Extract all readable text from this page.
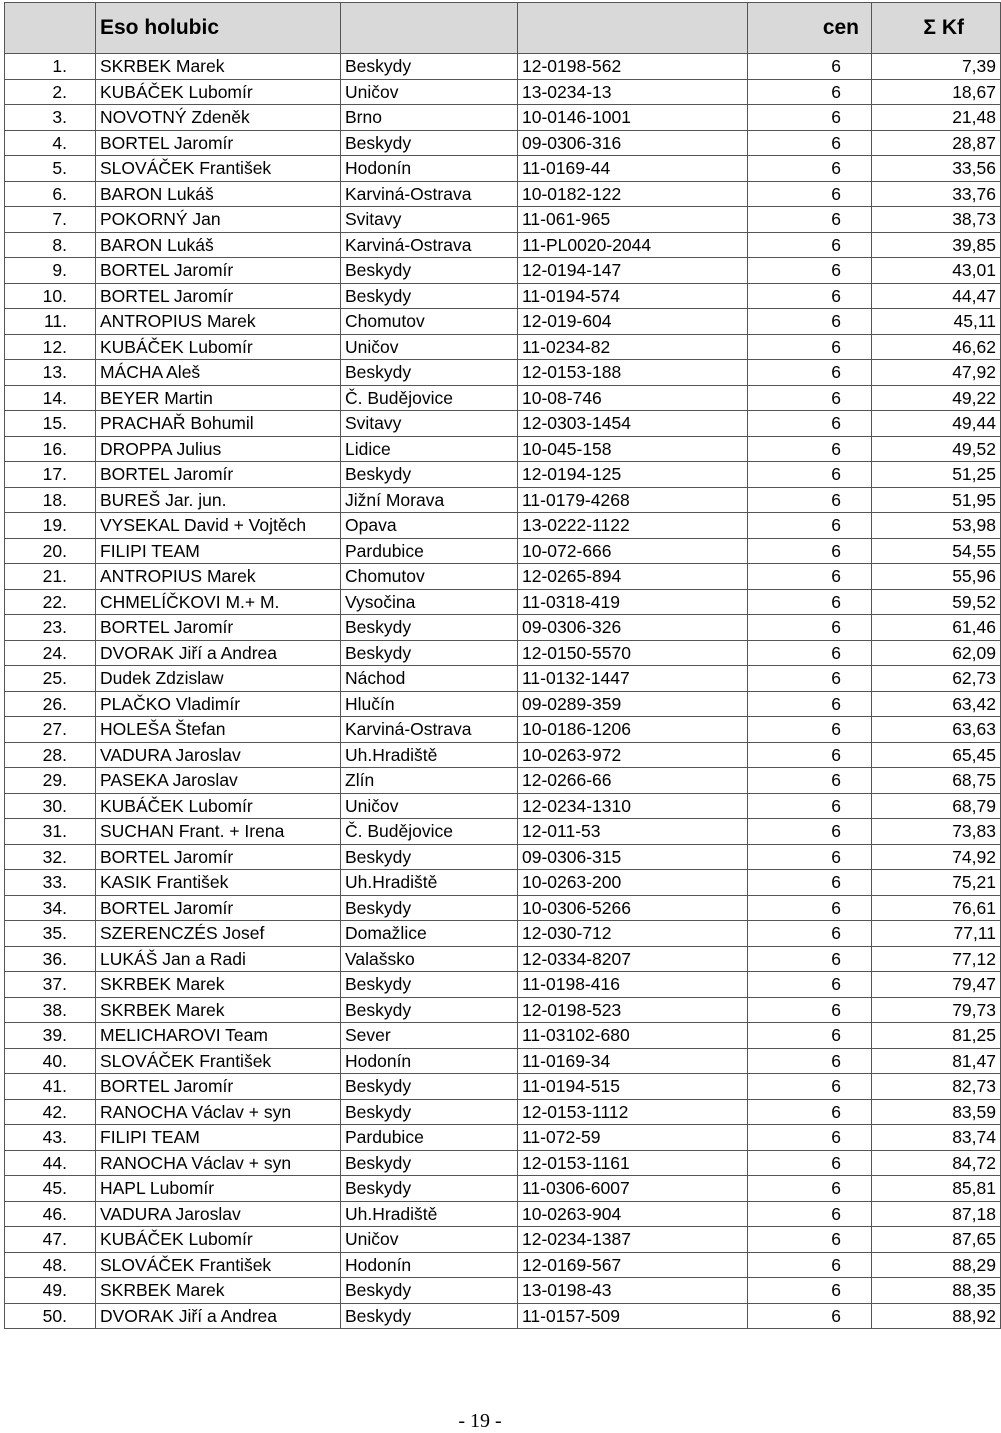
	Eso holubic			cen	Σ Kf
1.	SKRBEK Marek	Beskydy	12-0198-562	6	7,39
2.	KUBÁČEK Lubomír	Uničov	13-0234-13	6	18,67
3.	NOVOTNÝ Zdeněk	Brno	10-0146-1001	6	21,48
4.	BORTEL Jaromír	Beskydy	09-0306-316	6	28,87
5.	SLOVÁČEK František	Hodonín	11-0169-44	6	33,56
6.	BARON Lukáš	Karviná-Ostrava	10-0182-122	6	33,76
7.	POKORNÝ Jan	Svitavy	11-061-965	6	38,73
8.	BARON Lukáš	Karviná-Ostrava	11-PL0020-2044	6	39,85
9.	BORTEL Jaromír	Beskydy	12-0194-147	6	43,01
10.	BORTEL Jaromír	Beskydy	11-0194-574	6	44,47
11.	ANTROPIUS Marek	Chomutov	12-019-604	6	45,11
12.	KUBÁČEK Lubomír	Uničov	11-0234-82	6	46,62
13.	MÁCHA Aleš	Beskydy	12-0153-188	6	47,92
14.	BEYER Martin	Č. Budějovice	10-08-746	6	49,22
15.	PRACHAŘ Bohumil	Svitavy	12-0303-1454	6	49,44
16.	DROPPA Julius	Lidice	10-045-158	6	49,52
17.	BORTEL Jaromír	Beskydy	12-0194-125	6	51,25
18.	BUREŠ Jar. jun.	Jižní Morava	11-0179-4268	6	51,95
19.	VYSEKAL David + Vojtěch	Opava	13-0222-1122	6	53,98
20.	FILIPI TEAM	Pardubice	10-072-666	6	54,55
21.	ANTROPIUS Marek	Chomutov	12-0265-894	6	55,96
22.	CHMELÍČKOVI M.+ M.	Vysočina	11-0318-419	6	59,52
23.	BORTEL Jaromír	Beskydy	09-0306-326	6	61,46
24.	DVORAK Jiří a Andrea	Beskydy	12-0150-5570	6	62,09
25.	Dudek Zdzislaw	Náchod	11-0132-1447	6	62,73
26.	PLAČKO Vladimír	Hlučín	09-0289-359	6	63,42
27.	HOLEŠA Štefan	Karviná-Ostrava	10-0186-1206	6	63,63
28.	VADURA Jaroslav	Uh.Hradiště	10-0263-972	6	65,45
29.	PASEKA Jaroslav	Zlín	12-0266-66	6	68,75
30.	KUBÁČEK Lubomír	Uničov	12-0234-1310	6	68,79
31.	SUCHAN Frant. + Irena	Č. Budějovice	12-011-53	6	73,83
32.	BORTEL Jaromír	Beskydy	09-0306-315	6	74,92
33.	KASIK František	Uh.Hradiště	10-0263-200	6	75,21
34.	BORTEL Jaromír	Beskydy	10-0306-5266	6	76,61
35.	SZERENCZÉS Josef	Domažlice	12-030-712	6	77,11
36.	LUKÁŠ Jan a Radi	Valašsko	12-0334-8207	6	77,12
37.	SKRBEK Marek	Beskydy	11-0198-416	6	79,47
38.	SKRBEK Marek	Beskydy	12-0198-523	6	79,73
39.	MELICHAROVI Team	Sever	11-03102-680	6	81,25
40.	SLOVÁČEK František	Hodonín	11-0169-34	6	81,47
41.	BORTEL Jaromír	Beskydy	11-0194-515	6	82,73
42.	RANOCHA Václav + syn	Beskydy	12-0153-1112	6	83,59
43.	FILIPI TEAM	Pardubice	11-072-59	6	83,74
44.	RANOCHA Václav + syn	Beskydy	12-0153-1161	6	84,72
45.	HAPL Lubomír	Beskydy	11-0306-6007	6	85,81
46.	VADURA Jaroslav	Uh.Hradiště	10-0263-904	6	87,18
47.	KUBÁČEK Lubomír	Uničov	12-0234-1387	6	87,65
48.	SLOVÁČEK František	Hodonín	12-0169-567	6	88,29
49.	SKRBEK Marek	Beskydy	13-0198-43	6	88,35
50.	DVORAK Jiří a Andrea	Beskydy	11-0157-509	6	88,92
- 19 -
